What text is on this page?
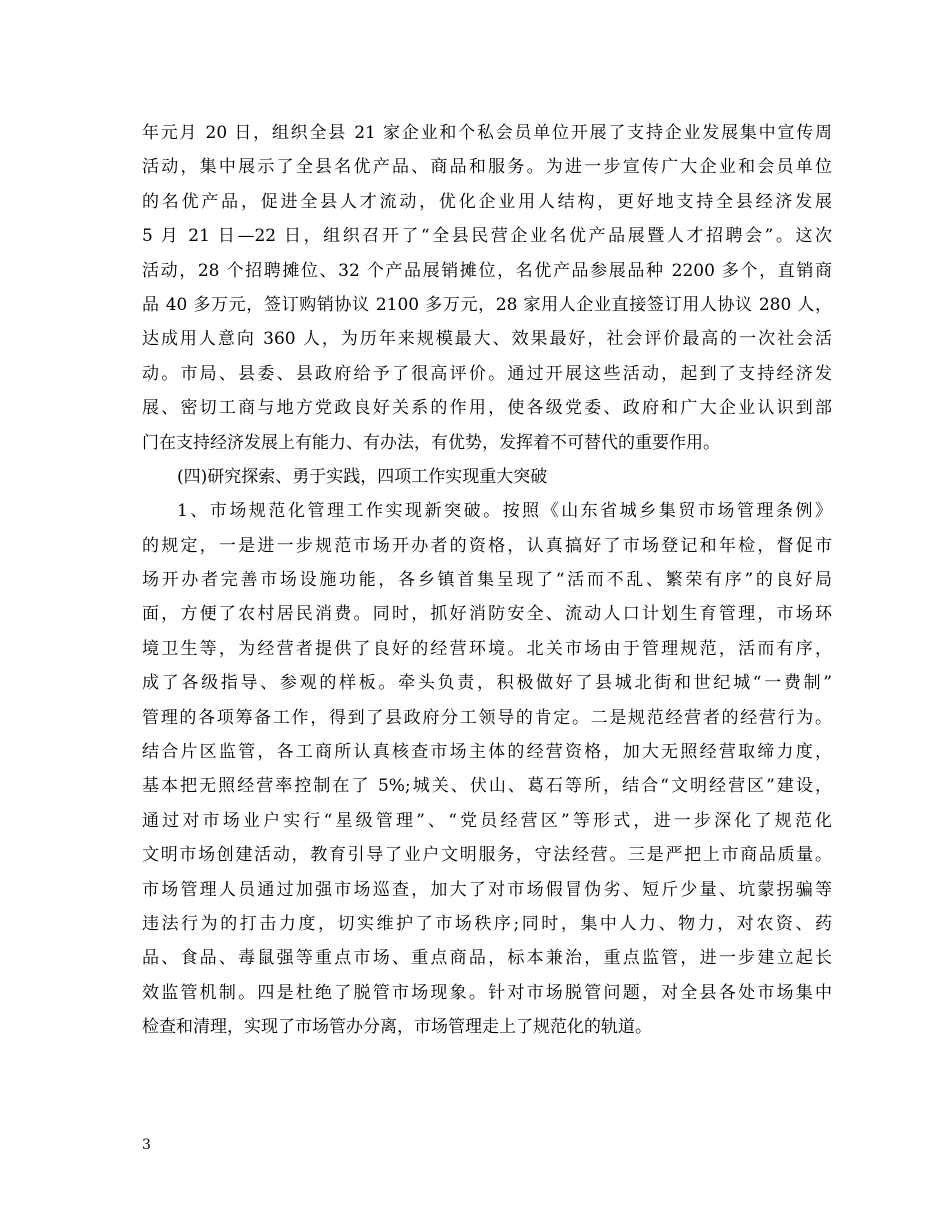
年元月 20 日，组织全县 21 家企业和个私会员单位开展了支持企业发展集中宣传周
活动，集中展示了全县名优产品、商品和服务。为进一步宣传广大企业和会员单位
的名优产品，促进全县人才流动，优化企业用人结构，更好地支持全县经济发展
5 月 21 日—22 日，组织召开了“全县民营企业名优产品展暨人才招聘会”。这次
活动，28 个招聘摊位、32 个产品展销摊位，名优产品参展品种 2200 多个，直销商
品 40 多万元，签订购销协议 2100 多万元，28 家用人企业直接签订用人协议 280 人，
达成用人意向 360 人，为历年来规模最大、效果最好，社会评价最高的一次社会活
动。市局、县委、县政府给予了很高评价。通过开展这些活动，起到了支持经济发
展、密切工商与地方党政良好关系的作用，使各级党委、政府和广大企业认识到部
门在支持经济发展上有能力、有办法，有优势，发挥着不可替代的重要作用。
(四)研究探索、勇于实践，四项工作实现重大突破
1、市场规范化管理工作实现新突破。按照《山东省城乡集贸市场管理条例》
的规定，一是进一步规范市场开办者的资格，认真搞好了市场登记和年检，督促市
场开办者完善市场设施功能，各乡镇首集呈现了“活而不乱、繁荣有序”的良好局
面，方便了农村居民消费。同时，抓好消防安全、流动人口计划生育管理，市场环
境卫生等，为经营者提供了良好的经营环境。北关市场由于管理规范，活而有序，
成了各级指导、参观的样板。牵头负责，积极做好了县城北街和世纪城“一费制”
管理的各项筹备工作，得到了县政府分工领导的肯定。二是规范经营者的经营行为。
结合片区监管，各工商所认真核查市场主体的经营资格，加大无照经营取缔力度，
基本把无照经营率控制在了 5%;城关、伏山、葛石等所，结合“文明经营区”建设，
通过对市场业户实行“星级管理”、“党员经营区”等形式，进一步深化了规范化
文明市场创建活动，教育引导了业户文明服务，守法经营。三是严把上市商品质量。
市场管理人员通过加强市场巡查，加大了对市场假冒伪劣、短斤少量、坑蒙拐骗等
违法行为的打击力度，切实维护了市场秩序;同时，集中人力、物力，对农资、药
品、食品、毒鼠强等重点市场、重点商品，标本兼治，重点监管，进一步建立起长
效监管机制。四是杜绝了脱管市场现象。针对市场脱管问题，对全县各处市场集中
检查和清理，实现了市场管办分离，市场管理走上了规范化的轨道。
3
